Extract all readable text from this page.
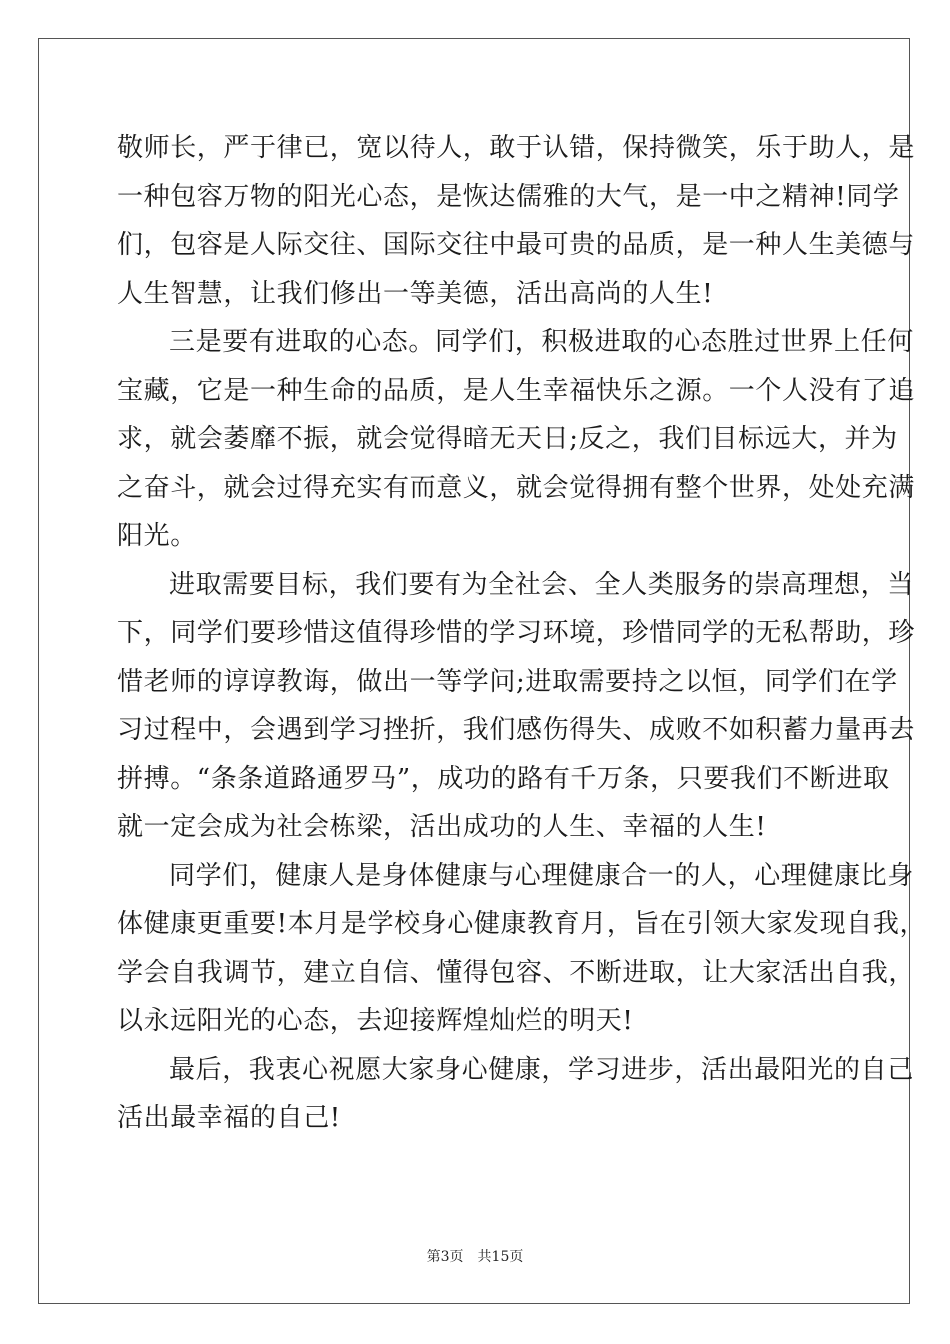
敬师长，严于律已，宽以待人，敢于认错，保持微笑，乐于助人，是
一种包容万物的阳光心态，是恢达儒雅的大气，是一中之精神!同学
们，包容是人际交往、国际交往中最可贵的品质，是一种人生美德与
人生智慧，让我们修出一等美德，活出高尚的人生!

三是要有进取的心态。同学们，积极进取的心态胜过世界上任何
宝藏，它是一种生命的品质，是人生幸福快乐之源。一个人没有了追
求，就会萎靡不振，就会觉得暗无天日;反之，我们目标远大，并为
之奋斗，就会过得充实有而意义，就会觉得拥有整个世界，处处充满
阳光。

进取需要目标，我们要有为全社会、全人类服务的崇高理想，当
下，同学们要珍惜这值得珍惜的学习环境，珍惜同学的无私帮助，珍
惜老师的谆谆教诲，做出一等学问;进取需要持之以恒，同学们在学
习过程中，会遇到学习挫折，我们感伤得失、成败不如积蓄力量再去
拼搏。“条条道路通罗马”，成功的路有千万条，只要我们不断进取
就一定会成为社会栋梁，活出成功的人生、幸福的人生!

同学们，健康人是身体健康与心理健康合一的人，心理健康比身
体健康更重要!本月是学校身心健康教育月，旨在引领大家发现自我，
学会自我调节，建立自信、懂得包容、不断进取，让大家活出自我，
以永远阳光的心态，去迎接辉煌灿烂的明天!

最后，我衷心祝愿大家身心健康，学习进步，活出最阳光的自己
活出最幸福的自己!

第3页 共15页
